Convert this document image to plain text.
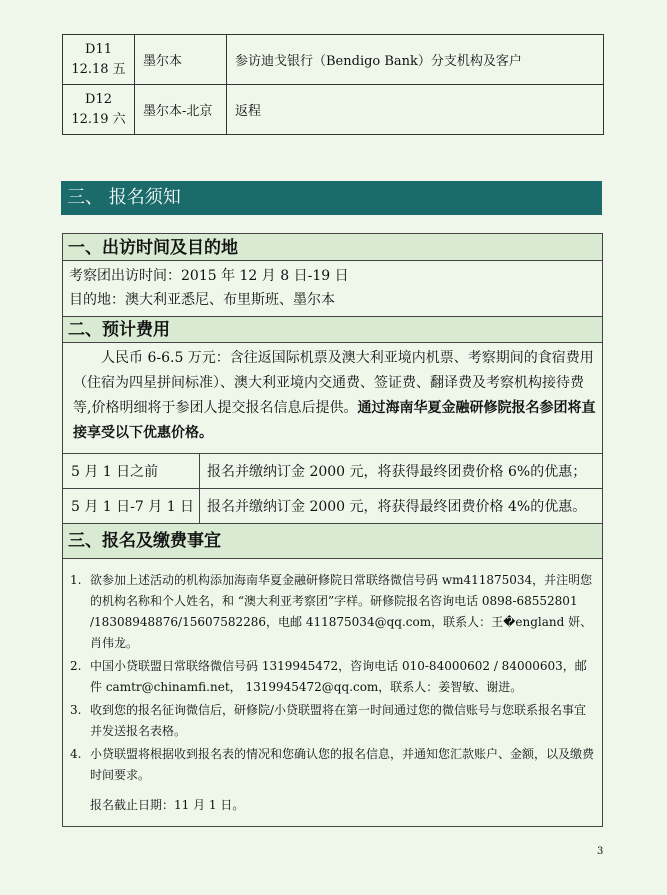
D11
12.18 五	墨尔本	参访迪戈银行（Bendigo Bank）分支机构及客户

D12
12.19 六	墨尔本-北京	返程
三、 报名须知
一、出访时间及目的地
考察团出访时间：2015 年 12 月 8 日-19 日
目的地：澳大利亚悉尼、布里斯班、墨尔本
二、预计费用
人民币 6-6.5 万元：含往返国际机票及澳大利亚境内机票、考察期间的食宿费用（住宿为四星拼间标准）、澳大利亚境内交通费、签证费、翻译费及考察机构接待费等,价格明细将于参团人提交报名信息后提供。通过海南华夏金融研修院报名参团将直接享受以下优惠价格。
5 月 1 日之前	报名并缴纳订金 2000 元，将获得最终团费价格 6%的优惠；
5 月 1 日-7 月 1 日 报名并缴纳订金 2000 元，将获得最终团费价格 4%的优惠。
三、报名及缴费事宜
1. 欲参加上述活动的机构添加海南华夏金融研修院日常联络微信号码 wm411875034，并注明您的机构名称和个人姓名，和 “澳大利亚考察团”字样。研修院报名咨询电话 0898-68552801 /18308948876/15607582286，电邮 411875034@qq.com，联系人：王�england 妍、肖伟龙。
2. 中国小贷联盟日常联络微信号码 1319945472，咨询电话 010-84000602 / 84000603，邮件 camtr@chinamfi.net， 1319945472@qq.com，联系人：姜智敏、谢进。
3. 收到您的报名征询微信后，研修院/小贷联盟将在第一时间通过您的微信账号与您联系报名事宜并发送报名表格。
4. 小贷联盟将根据收到报名表的情况和您确认您的报名信息，并通知您汇款账户、金额，以及缴费时间要求。
报名截止日期：11 月 1 日。
3
